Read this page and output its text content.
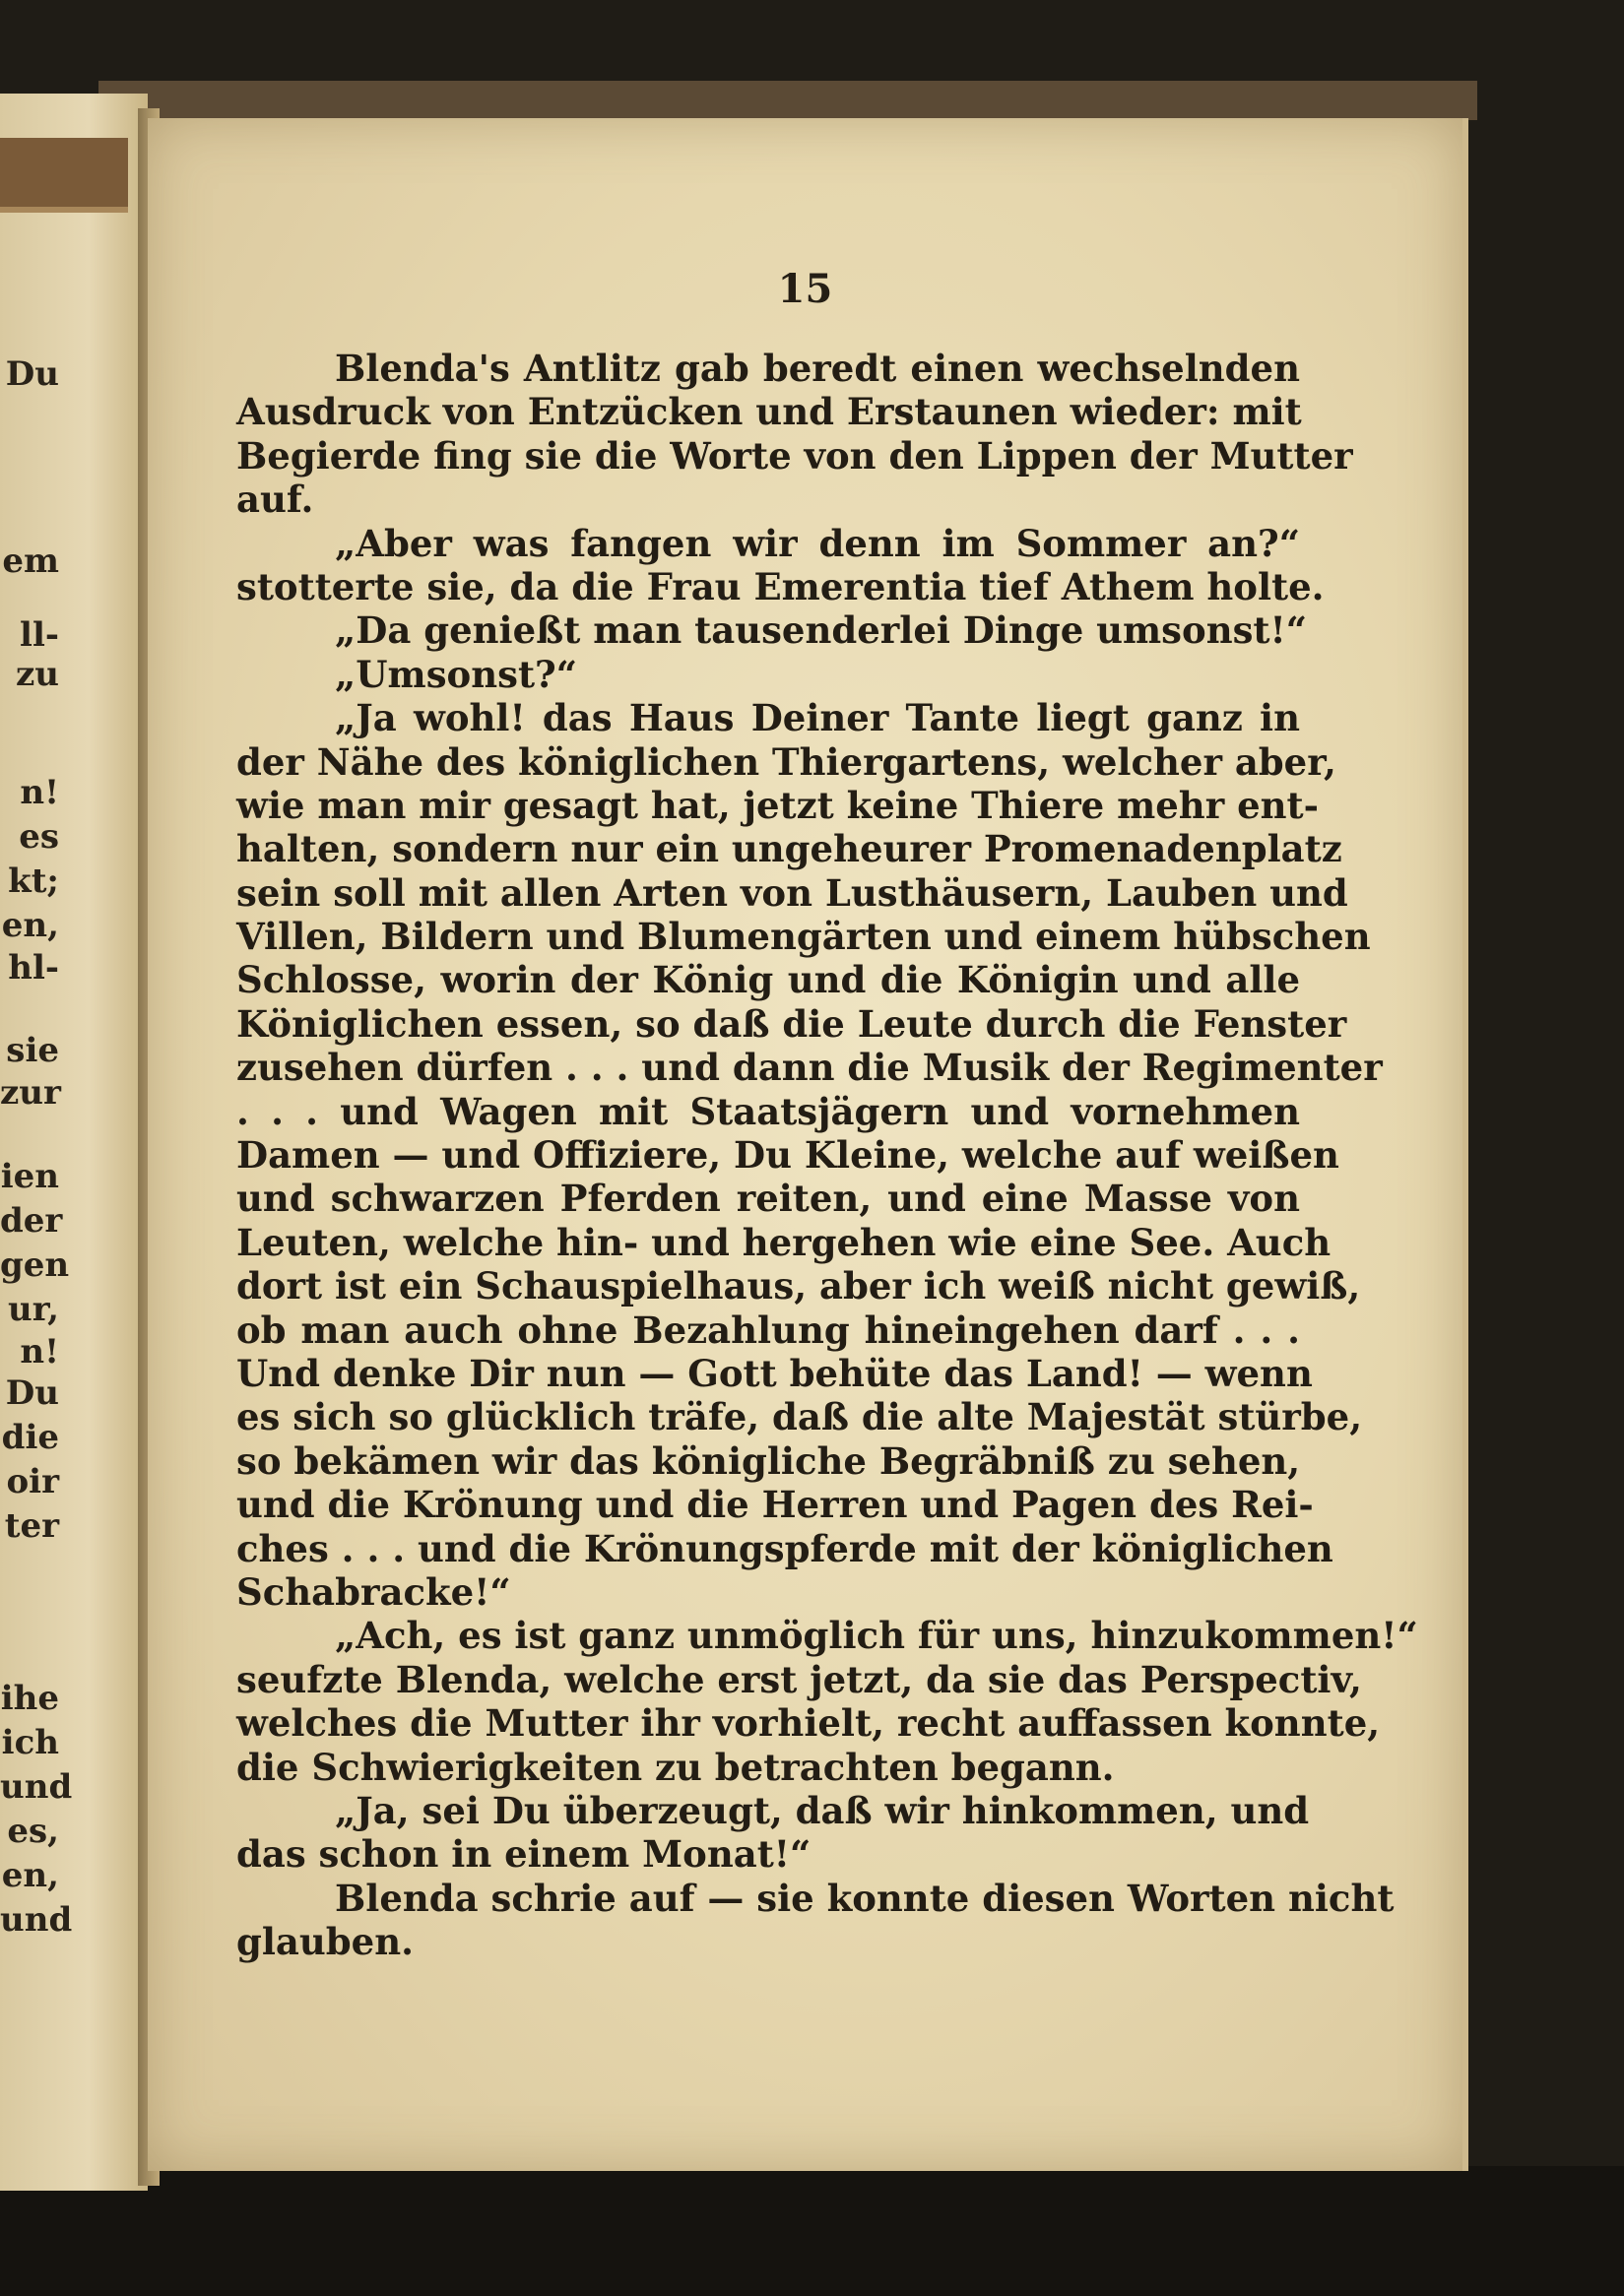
Du
em
ll-
zu
n!
es
kt;
en,
hl-
sie
zur
ien
der
gen
ur,
n!
Du
die
oir
ter
ihe
ich
und
es,
en,
und
15
Blenda's Antlitz gab beredt einen wechselnden
Ausdruck von Entzücken und Erstaunen wieder: mit
Begierde fing sie die Worte von den Lippen der Mutter
auf.
„Aber was fangen wir denn im Sommer an?“
stotterte sie, da die Frau Emerentia tief Athem holte.
„Da genießt man tausenderlei Dinge umsonst!“
„Umsonst?“
„Ja wohl! das Haus Deiner Tante liegt ganz in
der Nähe des königlichen Thiergartens, welcher aber,
wie man mir gesagt hat, jetzt keine Thiere mehr ent-
halten, sondern nur ein ungeheurer Promenadenplatz
sein soll mit allen Arten von Lusthäusern, Lauben und
Villen, Bildern und Blumengärten und einem hübschen
Schlosse, worin der König und die Königin und alle
Königlichen essen, so daß die Leute durch die Fenster
zusehen dürfen . . . und dann die Musik der Regimenter
. . . und Wagen mit Staatsjägern und vornehmen
Damen — und Offiziere, Du Kleine, welche auf weißen
und schwarzen Pferden reiten, und eine Masse von
Leuten, welche hin- und hergehen wie eine See. Auch
dort ist ein Schauspielhaus, aber ich weiß nicht gewiß,
ob man auch ohne Bezahlung hineingehen darf . . .
Und denke Dir nun — Gott behüte das Land! — wenn
es sich so glücklich träfe, daß die alte Majestät stürbe,
so bekämen wir das königliche Begräbniß zu sehen,
und die Krönung und die Herren und Pagen des Rei-
ches . . . und die Krönungspferde mit der königlichen
Schabracke!“
„Ach, es ist ganz unmöglich für uns, hinzukommen!“
seufzte Blenda, welche erst jetzt, da sie das Perspectiv,
welches die Mutter ihr vorhielt, recht auffassen konnte,
die Schwierigkeiten zu betrachten begann.
„Ja, sei Du überzeugt, daß wir hinkommen, und
das schon in einem Monat!“
Blenda schrie auf — sie konnte diesen Worten nicht
glauben.
